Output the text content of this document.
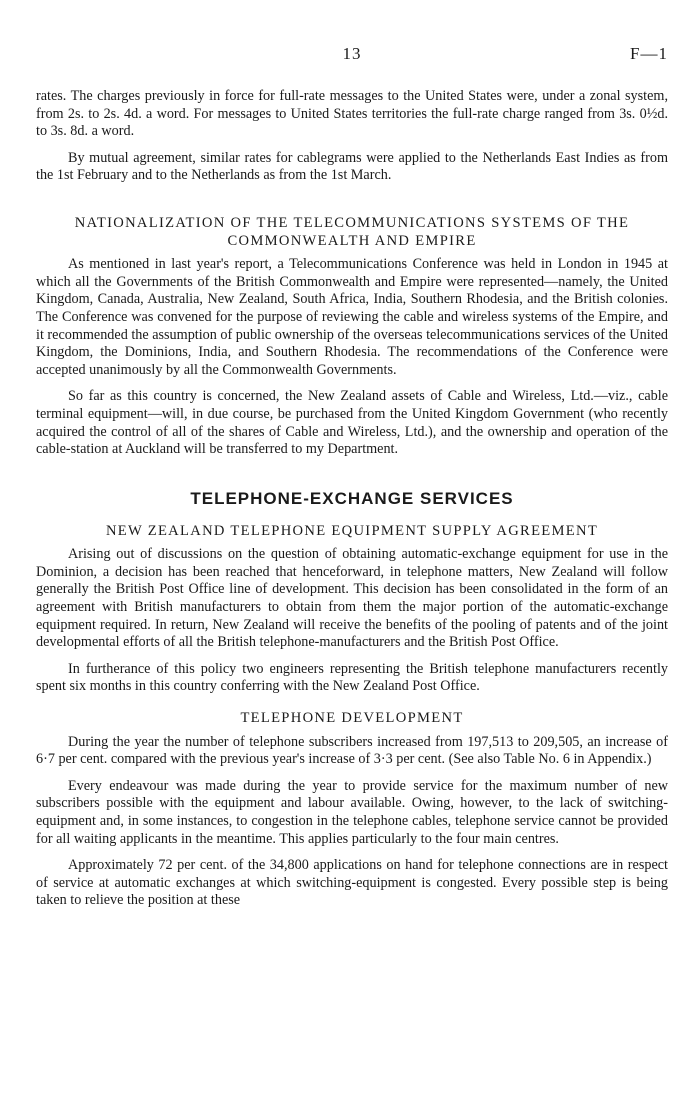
13	F—1

rates. The charges previously in force for full-rate messages to the United States were, under a zonal system, from 2s. to 2s. 4d. a word. For messages to United States territories the full-rate charge ranged from 3s. 0½d. to 3s. 8d. a word.

By mutual agreement, similar rates for cablegrams were applied to the Netherlands East Indies as from the 1st February and to the Netherlands as from the 1st March.

NATIONALIZATION OF THE TELECOMMUNICATIONS SYSTEMS OF THE COMMONWEALTH AND EMPIRE

As mentioned in last year's report, a Telecommunications Conference was held in London in 1945 at which all the Governments of the British Commonwealth and Empire were represented—namely, the United Kingdom, Canada, Australia, New Zealand, South Africa, India, Southern Rhodesia, and the British colonies. The Conference was convened for the purpose of reviewing the cable and wireless systems of the Empire, and it recommended the assumption of public ownership of the overseas telecommunications services of the United Kingdom, the Dominions, India, and Southern Rhodesia. The recommendations of the Conference were accepted unanimously by all the Commonwealth Governments.

So far as this country is concerned, the New Zealand assets of Cable and Wireless, Ltd.—viz., cable terminal equipment—will, in due course, be purchased from the United Kingdom Government (who recently acquired the control of all of the shares of Cable and Wireless, Ltd.), and the ownership and operation of the cable-station at Auckland will be transferred to my Department.

TELEPHONE-EXCHANGE SERVICES
NEW ZEALAND TELEPHONE EQUIPMENT SUPPLY AGREEMENT

Arising out of discussions on the question of obtaining automatic-exchange equipment for use in the Dominion, a decision has been reached that henceforward, in telephone matters, New Zealand will follow generally the British Post Office line of development. This decision has been consolidated in the form of an agreement with British manufacturers to obtain from them the major portion of the automatic-exchange equipment required. In return, New Zealand will receive the benefits of the pooling of patents and of the joint developmental efforts of all the British telephone-manufacturers and the British Post Office.

In furtherance of this policy two engineers representing the British telephone manufacturers recently spent six months in this country conferring with the New Zealand Post Office.

TELEPHONE DEVELOPMENT

During the year the number of telephone subscribers increased from 197,513 to 209,505, an increase of 6·7 per cent. compared with the previous year's increase of 3·3 per cent. (See also Table No. 6 in Appendix.)

Every endeavour was made during the year to provide service for the maximum number of new subscribers possible with the equipment and labour available. Owing, however, to the lack of switching-equipment and, in some instances, to congestion in the telephone cables, telephone service cannot be provided for all waiting applicants in the meantime. This applies particularly to the four main centres.

Approximately 72 per cent. of the 34,800 applications on hand for telephone connections are in respect of service at automatic exchanges at which switching-equipment is congested. Every possible step is being taken to relieve the position at these
